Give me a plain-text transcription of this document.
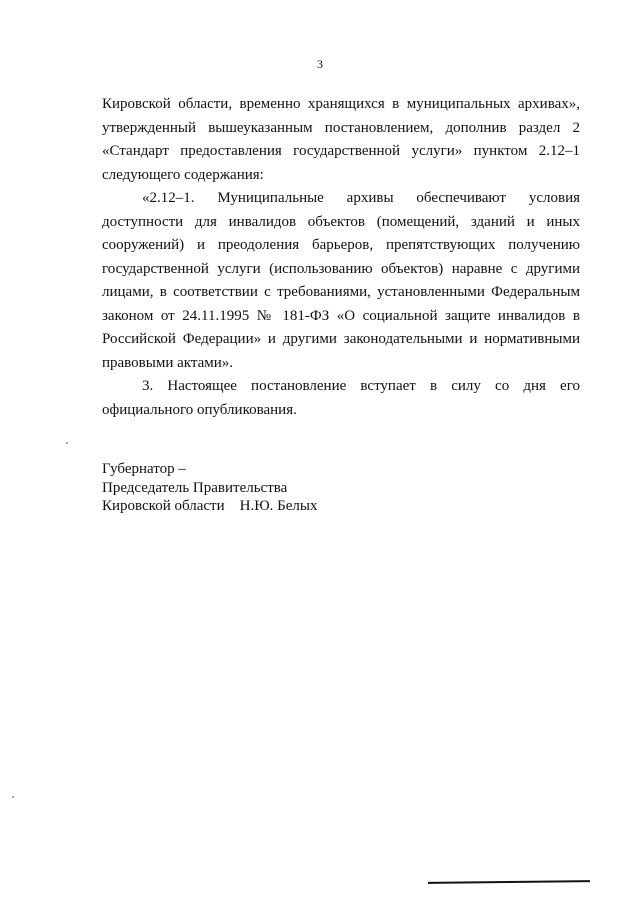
3

Кировской области, временно хранящихся в муниципальных архивах», утвержденный вышеуказанным постановлением, дополнив раздел 2 «Стандарт предоставления государственной услуги» пунктом 2.12–1 следующего содержания:

«2.12–1. Муниципальные архивы обеспечивают условия доступности для инвалидов объектов (помещений, зданий и иных сооружений) и преодоления барьеров, препятствующих получению государственной услуги (использованию объектов) наравне с другими лицами, в соответствии с требованиями, установленными Федеральным законом от 24.11.1995 № 181-ФЗ «О социальной защите инвалидов в Российской Федерации» и другими законодательными и нормативными правовыми актами».

3. Настоящее постановление вступает в силу со дня его официального опубликования.

Губернатор –
Председатель Правительства
Кировской области    Н.Ю. Белых
